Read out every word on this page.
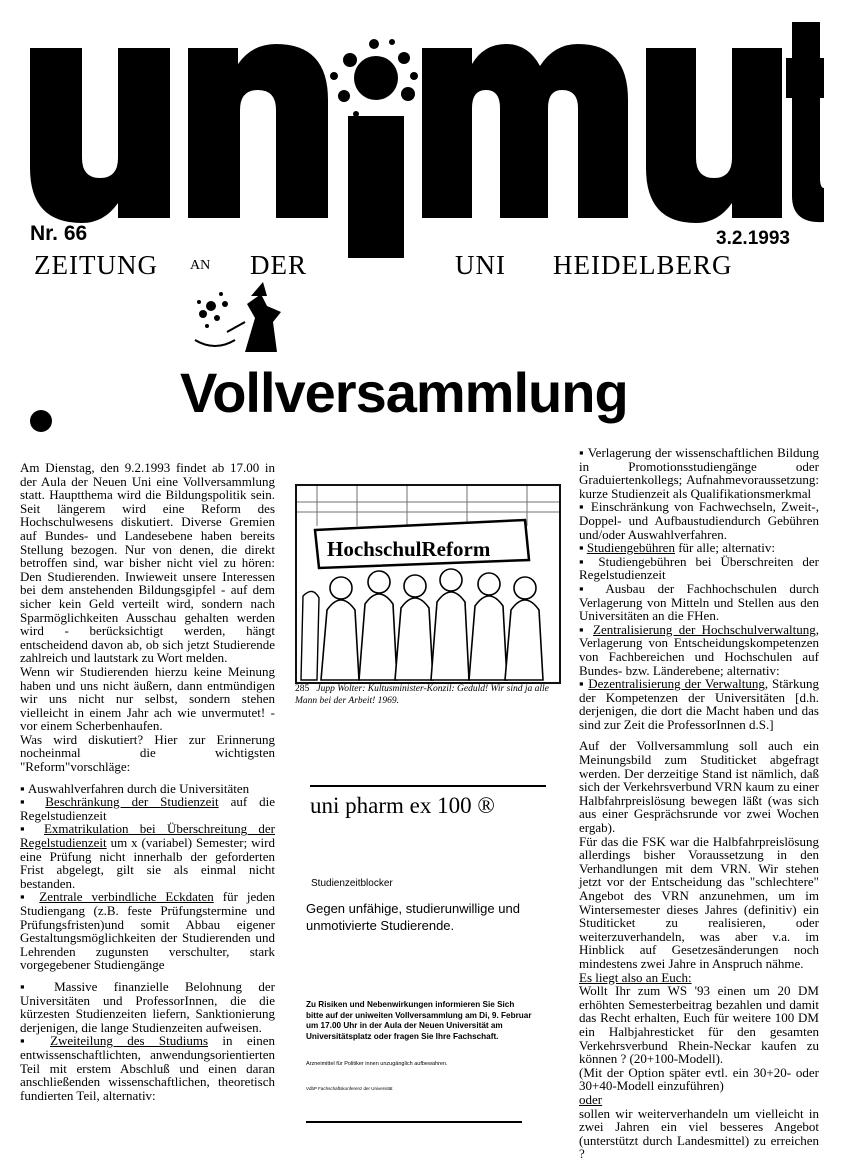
Nr. 66	3.2.1993
ZEITUNG AN DER	UNI HEIDELBERG
Vollversammlung

Am Dienstag, den 9.2.1993 findet ab 17.00 in der Aula der Neuen Uni eine Vollversammlung statt. Hauptthema wird die Bildungspolitik sein. Seit längerem wird eine Reform des Hochschulwesens diskutiert. Diverse Gremien auf Bundes- und Landesebene haben bereits Stellung bezogen. Nur von denen, die direkt betroffen sind, war bisher nicht viel zu hören: Den Studierenden. Inwieweit unsere Interessen bei dem anstehenden Bildungsgipfel - auf dem sicher kein Geld verteilt wird, sondern nach Sparmöglichkeiten Ausschau gehalten werden wird - berücksichtigt werden, hängt entscheidend davon ab, ob sich jetzt Studierende zahlreich und lautstark zu Wort melden.

Wenn wir Studierenden hierzu keine Meinung haben und uns nicht äußern, dann entmündigen wir uns nicht nur selbst, sondern stehen vielleicht in einem Jahr ach wie unvermutet! - vor einem Scherbenhaufen.

Was wird diskutiert? Hier zur Erinnerung nocheinmal die wichtigsten "Reform"vorschläge:

▪ Auswahlverfahren durch die Universitäten

▪ Beschränkung der Studienzeit auf die Regelstudienzeit

▪ Exmatrikulation bei Überschreitung der Regelstudienzeit um x (variabel) Semester; wird eine Prüfung nicht innerhalb der geforderten Frist abgelegt, gilt sie als einmal nicht bestanden.

▪ Zentrale verbindliche Eckdaten für jeden Studiengang (z.B. feste Prüfungstermine und Prüfungsfristen)und somit Abbau eigener Gestaltungsmöglichkeiten der Studierenden und Lehrenden zugunsten verschulter, stark vorgegebener Studiengänge

▪ Massive finanzielle Belohnung der Universitäten und ProfessorInnen, die die kürzesten Studienzeiten liefern, Sanktionierung derjenigen, die lange Studienzeiten aufweisen.

▪ Zweiteilung des Studiums in einen entwissenschaftlichten, anwendungsorientierten Teil mit erstem Abschluß und einen daran anschließenden wissenschaftlichen, theoretisch fundierten Teil, alternativ:

HochschulReform
285 Jupp Wolter: Kultusminister-Konzil: Geduld! Wir sind ja alle Mann bei der Arbeit! 1969.
uni pharm ex 100 ®
Studienzeitblocker
Gegen unfähige, studierunwillige und unmotivierte Studierende.
Zu Risiken und Nebenwirkungen informieren Sie Sich bitte auf der uniweiten Vollversammlung am Di, 9. Februar um 17.00 Uhr in der Aula der Neuen Universität am Universitätsplatz oder fragen Sie Ihre Fachschaft.
Arzneimittel für Politiker innen unzugänglich aufbewahren.
VdbP Fachschaftskonferenz der Universität

▪ Verlagerung der wissenschaftlichen Bildung in Promotionsstudiengänge oder Graduiertenkollegs; Aufnahmevoraussetzung: kurze Studienzeit als Qualifikationsmerkmal

▪ Einschränkung von Fachwechseln, Zweit-, Doppel- und Aufbaustudiendurch Gebühren und/oder Auswahlverfahren.

▪ Studiengebühren für alle; alternativ:

▪ Studiengebühren bei Überschreiten der Regelstudienzeit

▪ Ausbau der Fachhochschulen durch Verlagerung von Mitteln und Stellen aus den Universitäten an die FHen.

▪ Zentralisierung der Hochschulverwaltung, Verlagerung von Entscheidungskompetenzen von Fachbereichen und Hochschulen auf Bundes- bzw. Länderebene; alternativ:

▪ Dezentralisierung der Verwaltung, Stärkung der Kompetenzen der Universitäten [d.h. derjenigen, die dort die Macht haben und das sind zur Zeit die ProfessorInnen d.S.]

Auf der Vollversammlung soll auch ein Meinungsbild zum Studiticket abgefragt werden. Der derzeitige Stand ist nämlich, daß sich der Verkehrsverbund VRN kaum zu einer Halbfahrpreislösung bewegen läßt (was sich aus einer Gesprächsrunde vor zwei Wochen ergab).

Für das die FSK war die Halbfahrpreislösung allerdings bisher Voraussetzung in den Verhandlungen mit dem VRN. Wir stehen jetzt vor der Entscheidung das "schlechtere" Angebot des VRN anzunehmen, um im Wintersemester dieses Jahres (definitiv) ein Studiticket zu realisieren, oder weiterzuverhandeln, was aber v.a. im Hinblick auf Gesetzesänderungen noch mindestens zwei Jahre in Anspruch nähme.

Es liegt also an Euch:

Wollt Ihr zum WS '93 einen um 20 DM erhöhten Semesterbeitrag bezahlen und damit das Recht erhalten, Euch für weitere 100 DM ein Halbjahresticket für den gesamten Verkehrsverbund Rhein-Neckar kaufen zu können ? (20+100-Modell).

(Mit der Option später evtl. ein 30+20- oder 30+40-Modell einzuführen)

oder

sollen wir weiterverhandeln um vielleicht in zwei Jahren ein viel besseres Angebot (unterstützt durch Landesmittel) zu erreichen ?
